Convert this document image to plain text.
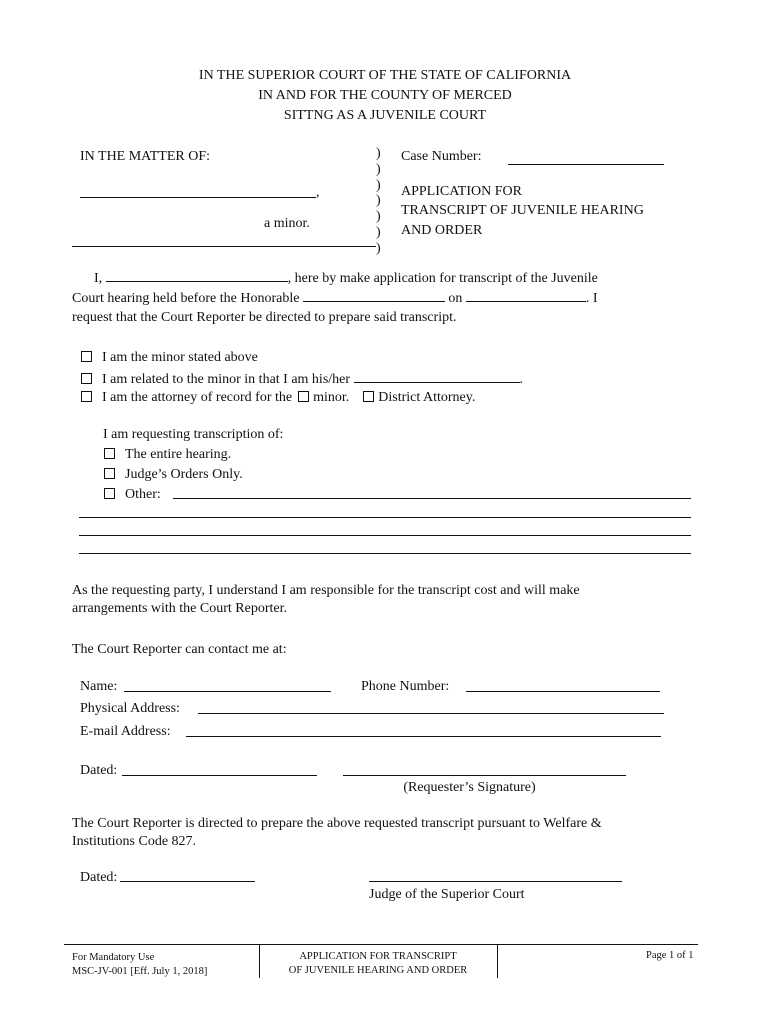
IN THE SUPERIOR COURT OF THE STATE OF CALIFORNIA
IN AND FOR THE COUNTY OF MERCED
SITTNG AS A JUVENILE COURT
IN THE MATTER OF:
,
a minor.
)
)
)
)
)
)
)
Case Number:
APPLICATION FOR
TRANSCRIPT OF JUVENILE HEARING
AND ORDER
I,	, here by make application for transcript of the Juvenile
Court hearing held before the Honorable	on	. I
request that the Court Reporter be directed to prepare said transcript.
I am the minor stated above
I am related to the minor in that I am his/her	.
I am the attorney of record for the minor. District Attorney.
I am requesting transcription of:
The entire hearing.
Judge’s Orders Only.
Other:
As the requesting party, I understand I am responsible for the transcript cost and will make
arrangements with the Court Reporter.
The Court Reporter can contact me at:
Name:	Phone Number:
Physical Address:
E-mail Address:
Dated:
(Requester’s Signature)
The Court Reporter is directed to prepare the above requested transcript pursuant to Welfare &
Institutions Code 827.
Dated:
Judge of the Superior Court
For Mandatory Use
MSC-JV-001 [Eff. July 1, 2018]
APPLICATION FOR TRANSCRIPT
OF JUVENILE HEARING AND ORDER
Page 1 of 1
